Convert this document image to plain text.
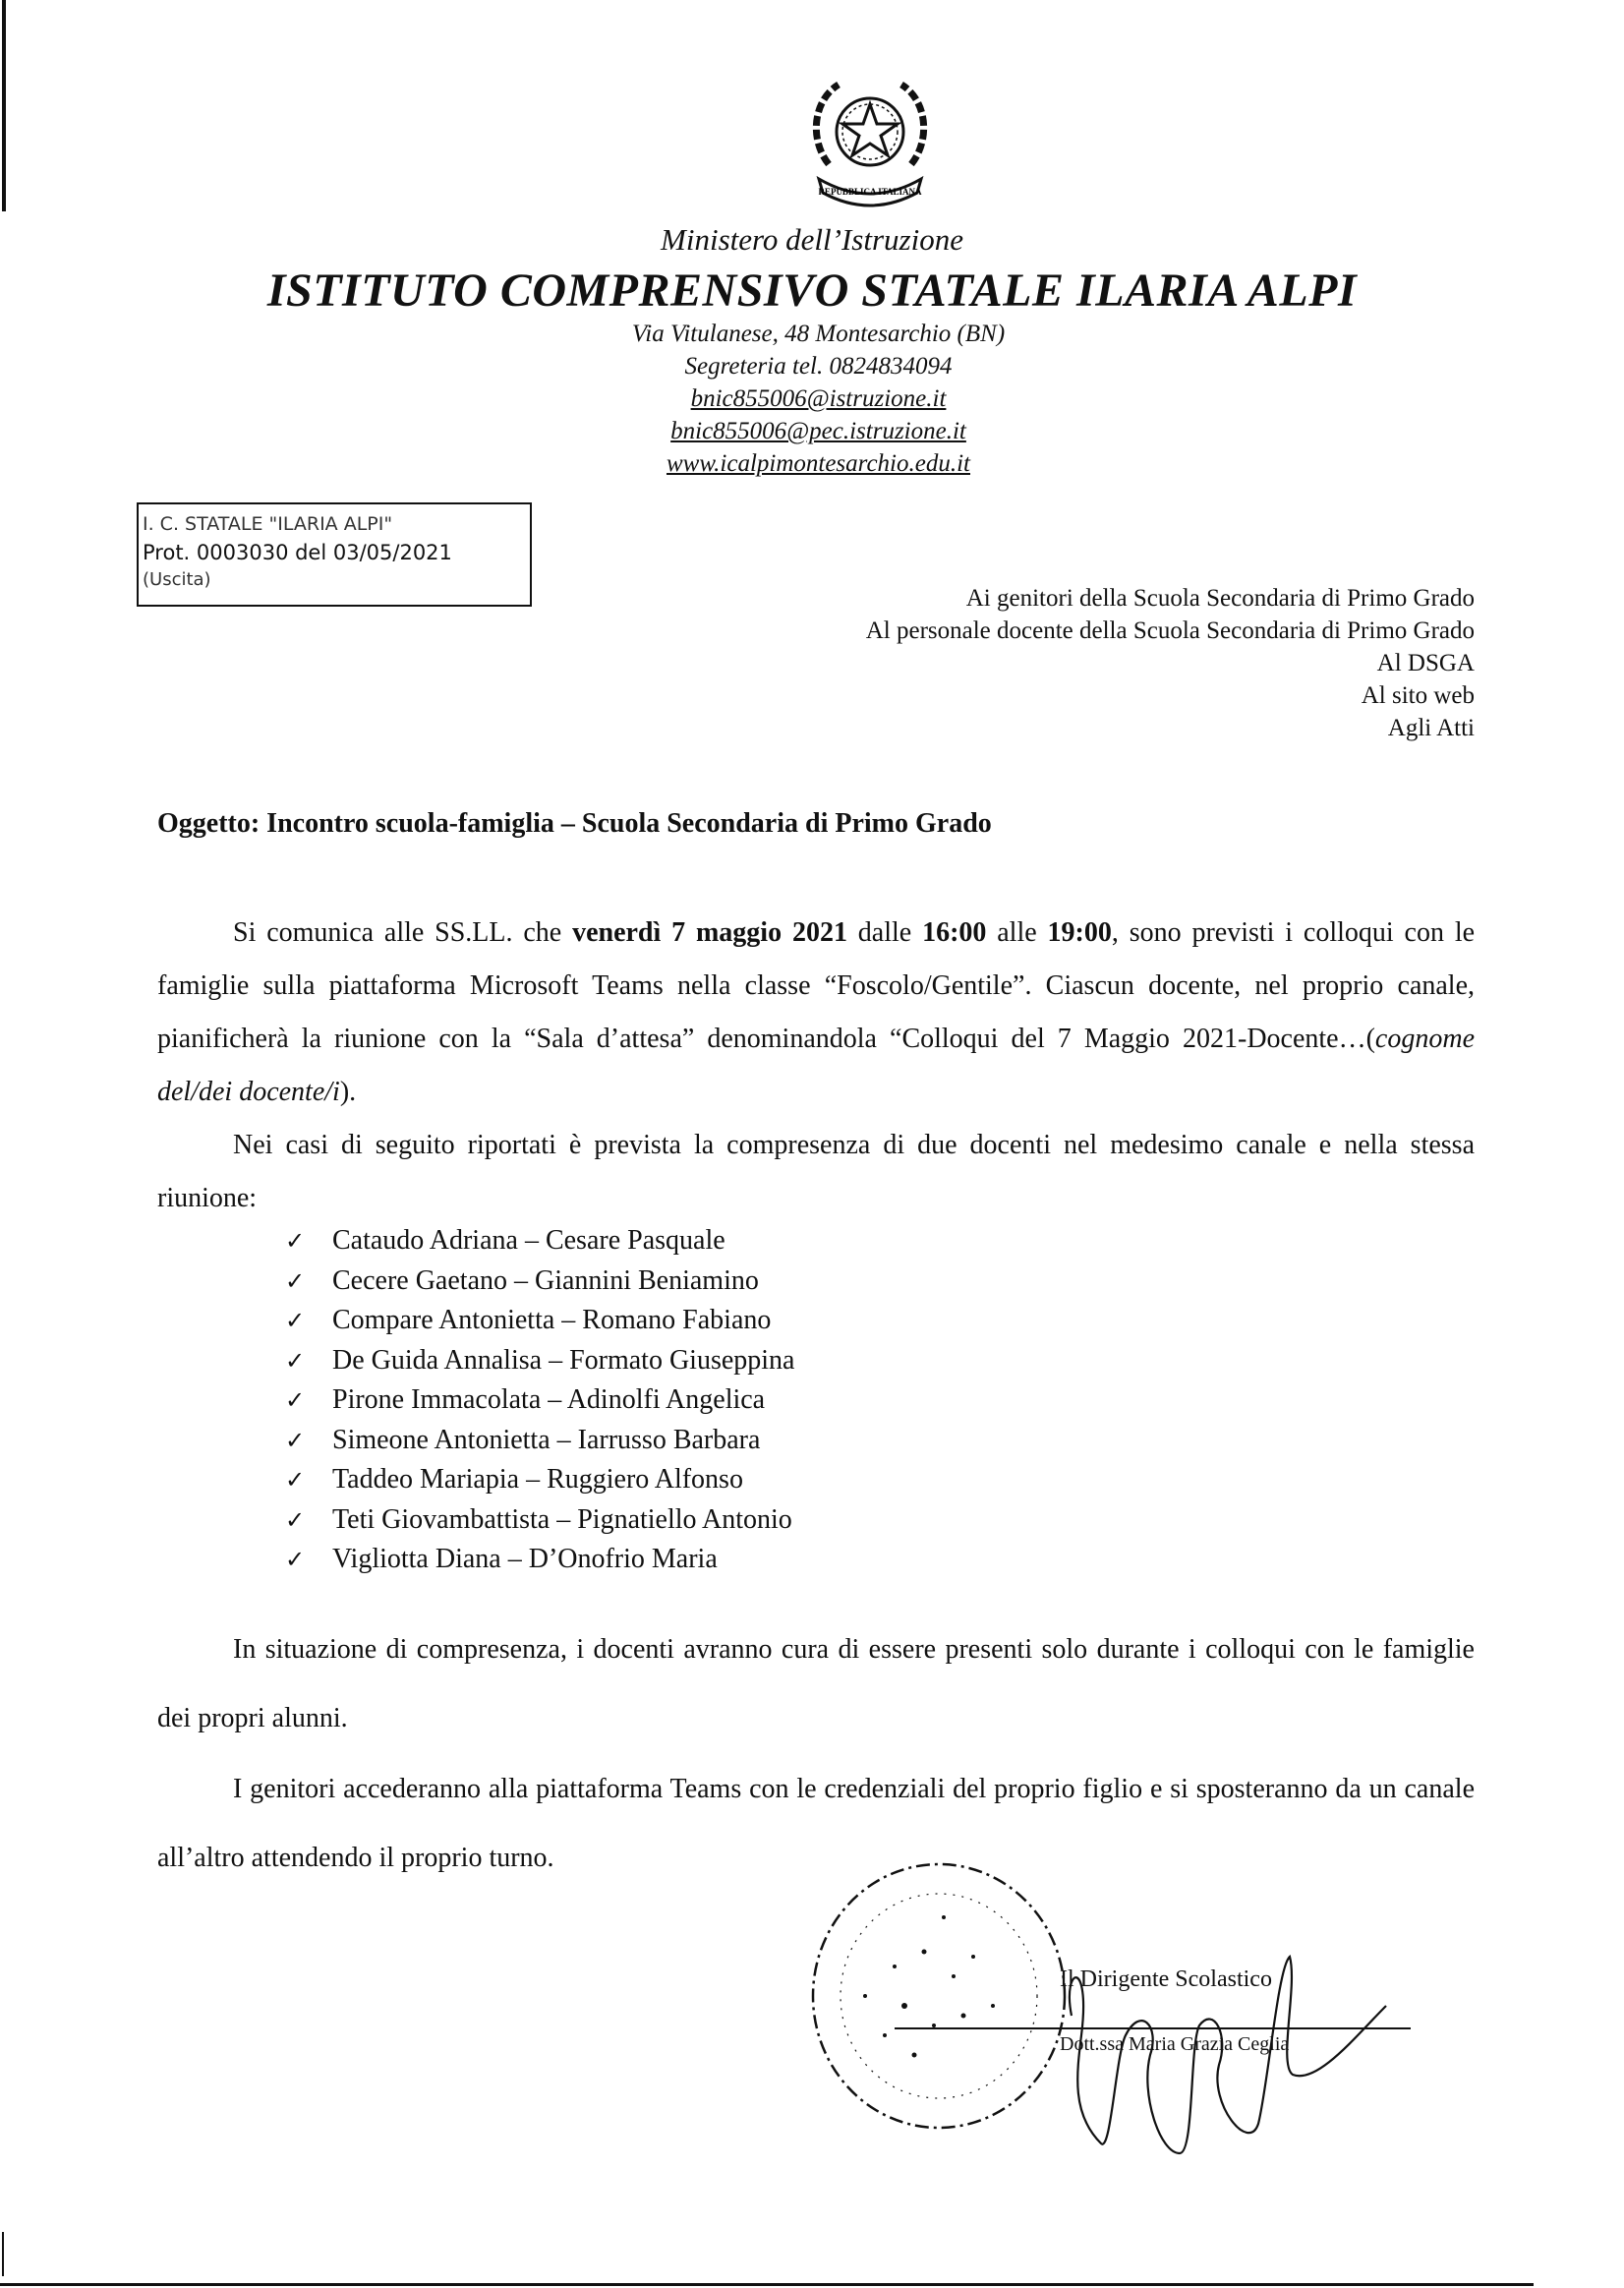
REPUBBLICA ITALIANA
Ministero dell’Istruzione
ISTITUTO COMPRENSIVO STATALE ILARIA ALPI
Via Vitulanese, 48 Montesarchio (BN)
Segreteria tel. 0824834094
bnic855006@istruzione.it
bnic855006@pec.istruzione.it
www.icalpimontesarchio.edu.it
I. C. STATALE "ILARIA ALPI"
Prot. 0003030 del 03/05/2021
(Uscita)
Ai genitori della Scuola Secondaria di Primo Grado
Al personale docente della Scuola Secondaria di Primo Grado
Al DSGA
Al sito web
Agli Atti
Oggetto: Incontro scuola-famiglia – Scuola Secondaria di Primo Grado
Si comunica alle SS.LL. che venerdì 7 maggio 2021 dalle 16:00 alle 19:00, sono previsti i colloqui con le famiglie sulla piattaforma Microsoft Teams nella classe “Foscolo/Gentile”. Ciascun docente, nel proprio canale, pianificherà la riunione con la “Sala d’attesa” denominandola “Colloqui del 7 Maggio 2021-Docente…(cognome del/dei docente/i).
Nei casi di seguito riportati è prevista la compresenza di due docenti nel medesimo canale e nella stessa riunione:
✓ Cataudo Adriana – Cesare Pasquale
✓ Cecere Gaetano – Giannini Beniamino
✓ Compare Antonietta – Romano Fabiano
✓ De Guida Annalisa – Formato Giuseppina
✓ Pirone Immacolata – Adinolfi Angelica
✓ Simeone Antonietta – Iarrusso Barbara
✓ Taddeo Mariapia – Ruggiero Alfonso
✓ Teti Giovambattista – Pignatiello Antonio
✓ Vigliotta Diana – D’Onofrio Maria
In situazione di compresenza, i docenti avranno cura di essere presenti solo durante i colloqui con le famiglie dei propri alunni.
I genitori accederanno alla piattaforma Teams con le credenziali del proprio figlio e si sposteranno da un canale all’altro attendendo il proprio turno.
Il Dirigente Scolastico
Dott.ssa Maria Grazia Ceglia
